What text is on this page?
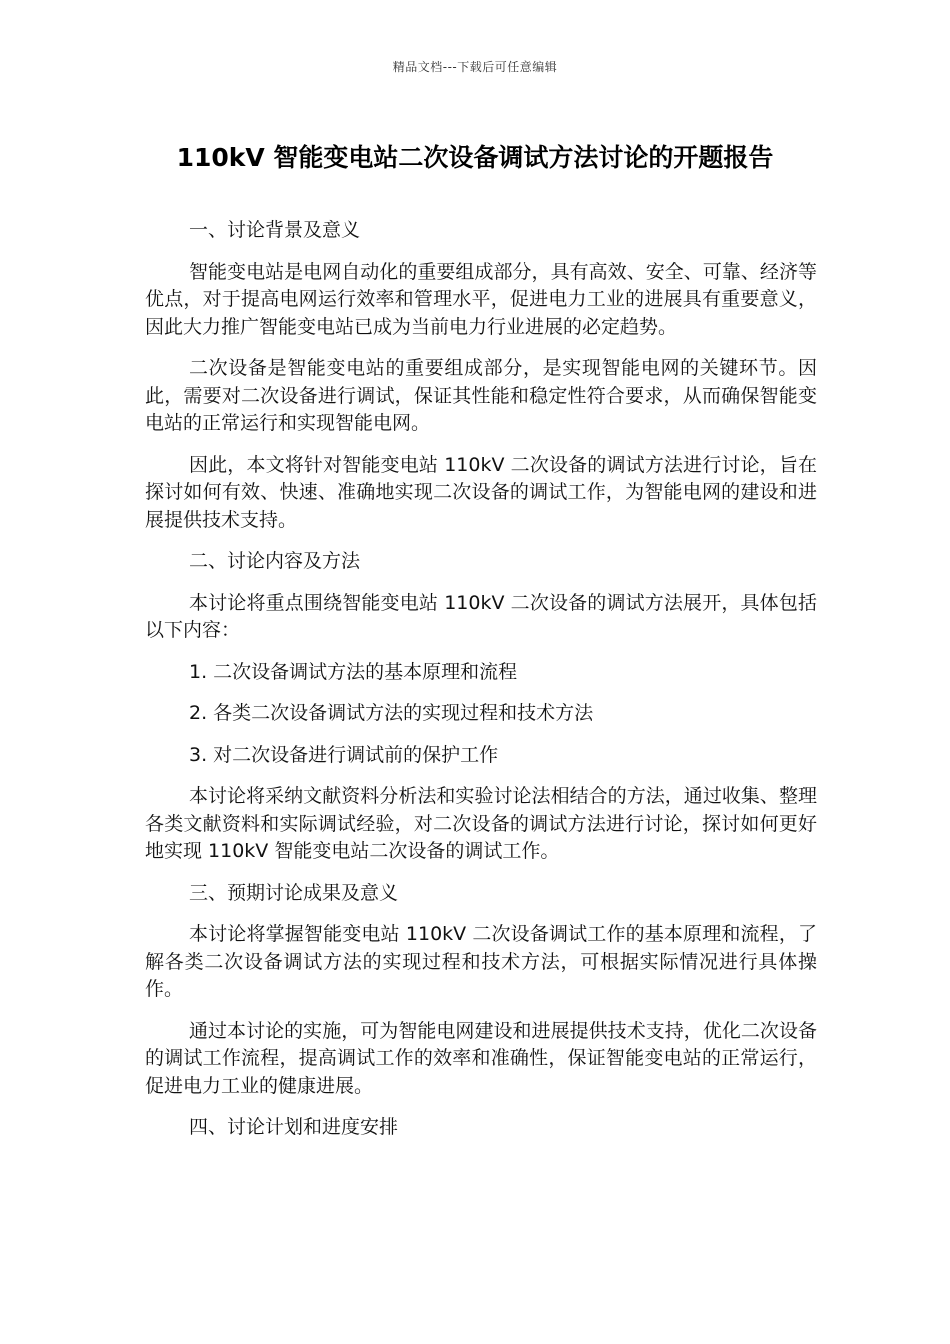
精品文档---下载后可任意编辑
110kV 智能变电站二次设备调试方法讨论的开题报告

一、讨论背景及意义

智能变电站是电网自动化的重要组成部分，具有高效、安全、可靠、经济等优点，对于提高电网运行效率和管理水平，促进电力工业的进展具有重要意义，因此大力推广智能变电站已成为当前电力行业进展的必定趋势。

二次设备是智能变电站的重要组成部分，是实现智能电网的关键环节。因此，需要对二次设备进行调试，保证其性能和稳定性符合要求，从而确保智能变电站的正常运行和实现智能电网。

因此，本文将针对智能变电站 110kV 二次设备的调试方法进行讨论，旨在探讨如何有效、快速、准确地实现二次设备的调试工作，为智能电网的建设和进展提供技术支持。

二、讨论内容及方法

本讨论将重点围绕智能变电站 110kV 二次设备的调试方法展开，具体包括以下内容：

1. 二次设备调试方法的基本原理和流程

2. 各类二次设备调试方法的实现过程和技术方法

3. 对二次设备进行调试前的保护工作

本讨论将采纳文献资料分析法和实验讨论法相结合的方法，通过收集、整理各类文献资料和实际调试经验，对二次设备的调试方法进行讨论，探讨如何更好地实现 110kV 智能变电站二次设备的调试工作。

三、预期讨论成果及意义

本讨论将掌握智能变电站 110kV 二次设备调试工作的基本原理和流程，了解各类二次设备调试方法的实现过程和技术方法，可根据实际情况进行具体操作。

通过本讨论的实施，可为智能电网建设和进展提供技术支持，优化二次设备的调试工作流程，提高调试工作的效率和准确性，保证智能变电站的正常运行，促进电力工业的健康进展。

四、讨论计划和进度安排
